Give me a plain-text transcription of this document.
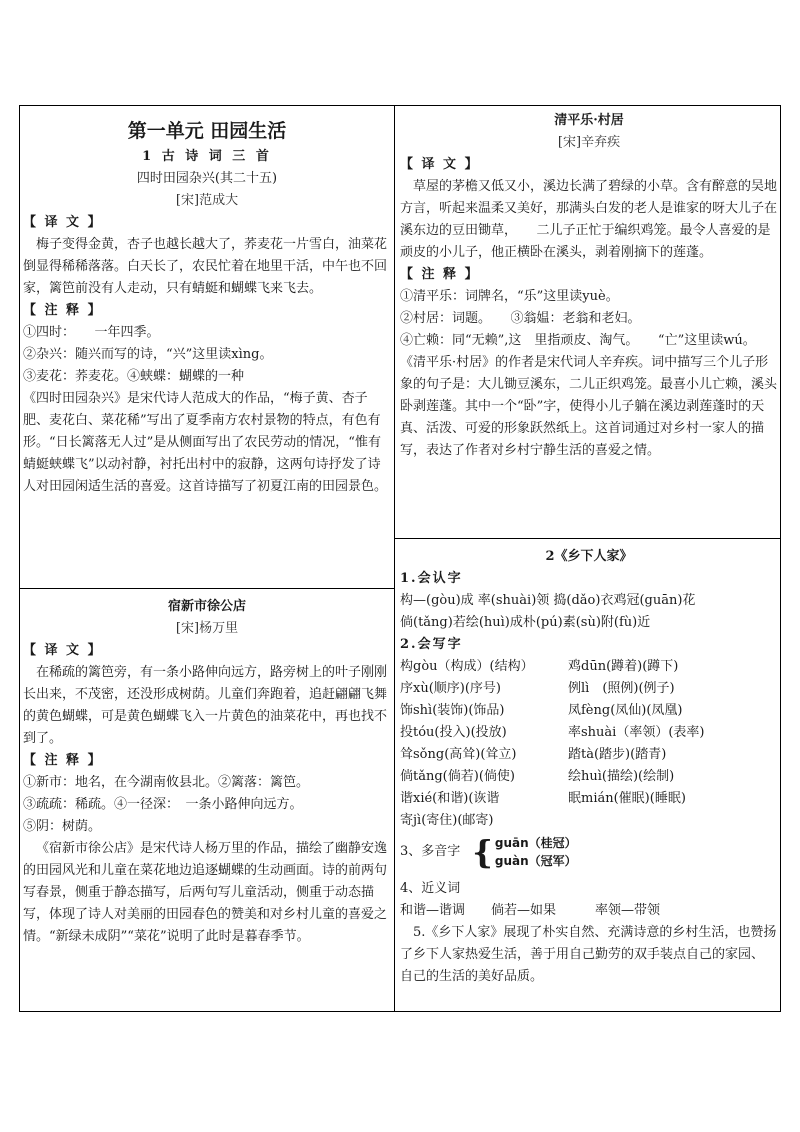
第一单元 田园生活
1 古 诗 词 三 首
四时田园杂兴(其二十五)
[宋]范成大
【 译 文 】

梅子变得金黄，杏子也越长越大了，荞麦花一片雪白，油菜花倒显得稀稀落落。白天长了，农民忙着在地里干活，中午也不回家，篱笆前没有人走动，只有蜻蜓和蝴蝶飞来飞去。

【 注 释 】

①四时：　　一年四季。

②杂兴：随兴而写的诗，“兴”这里读xìng。

③麦花：荞麦花。④蛱蝶：蝴蝶的一种

《四时田园杂兴》是宋代诗人范成大的作品，“梅子黄、杏子肥、麦花白、菜花稀”写出了夏季南方农村景物的特点，有色有形。“日长篱落无人过”是从侧面写出了农民劳动的情况，“惟有蜻蜓蛱蝶飞”以动衬静，衬托出村中的寂静，这两句诗抒发了诗人对田园闲适生活的喜爱。这首诗描写了初夏江南的田园景色。

宿新市徐公店
[宋]杨万里
【 译 文 】

在稀疏的篱笆旁，有一条小路伸向远方，路旁树上的叶子刚刚长出来，不茂密，还没形成树荫。儿童们奔跑着，追赶翩翩飞舞的黄色蝴蝶，可是黄色蝴蝶飞入一片黄色的油菜花中，再也找不到了。

【 注 释 】

①新市：地名，在今湖南攸县北。②篱落：篱笆。

③疏疏：稀疏。④一径深：　一条小路伸向远方。

⑤阴：树荫。

《宿新市徐公店》是宋代诗人杨万里的作品，描绘了幽静安逸的田园风光和儿童在菜花地边追逐蝴蝶的生动画面。诗的前两句写春景，侧重于静态描写，后两句写儿童活动，侧重于动态描写，体现了诗人对美丽的田园春色的赞美和对乡村儿童的喜爱之情。“新绿未成阴”“菜花”说明了此时是暮春季节。

清平乐·村居
[宋]辛弃疾
【 译 文 】

草屋的茅檐又低又小，溪边长满了碧绿的小草。含有醉意的吴地方言，听起来温柔又美好，那满头白发的老人是谁家的呀大儿子在溪东边的豆田锄草，　　二儿子正忙于编织鸡笼。最令人喜爱的是顽皮的小儿子，他正横卧在溪头，剥着刚摘下的莲蓬。

【 注 释 】

①清平乐：词牌名，“乐”这里读yuè。

②村居：词题。　　③翁媪：老翁和老妇。

④亡赖：同“无赖”,这　里指顽皮、淘气。　　“亡”这里读wú。

《清平乐·村居》的作者是宋代词人辛弃疾。词中描写三个儿子形象的句子是：大儿锄豆溪东，二儿正织鸡笼。最喜小儿亡赖，溪头卧剥莲蓬。其中一个“卧”字，使得小儿子躺在溪边剥莲蓬时的天真、活泼、可爱的形象跃然纸上。这首词通过对乡村一家人的描写，表达了作者对乡村宁静生活的喜爱之情。

2《乡下人家》
1.会认字

构—(gòu)成 率(shuài)领 捣(dǎo)衣鸡冠(guān)花

倘(tǎng)若绘(huì)成朴(pú)素(sù)附(fù)近

2.会写字
构gòu（构成）(结构）	鸡dūn(蹲着)(蹲下)
序xù(顺序)(序号)	例lì　(照例)(例子)
饰shì(装饰)(饰品)	凤fèng(凤仙)(凤凰)
投tóu(投入)(投放)	率shuài（率领）(表率)
耸sǒng(高耸)(耸立)	踏tà(踏步)(踏青)
倘tǎng(倘若)(倘使)	绘huì(描绘)(绘制)
谐xié(和谐)(诙谐	眠mián(催眠)(睡眠)

寄jì(寄住)(邮寄)

3、多音字 { guān（桂冠）
guàn（冠军）
4、近义词

和谐—谐调　　倘若—如果　　　率领—带领

5.《乡下人家》展现了朴实自然、充满诗意的乡村生活，也赞扬了乡下人家热爱生活，善于用自己勤劳的双手装点自己的家园、　自己的生活的美好品质。
